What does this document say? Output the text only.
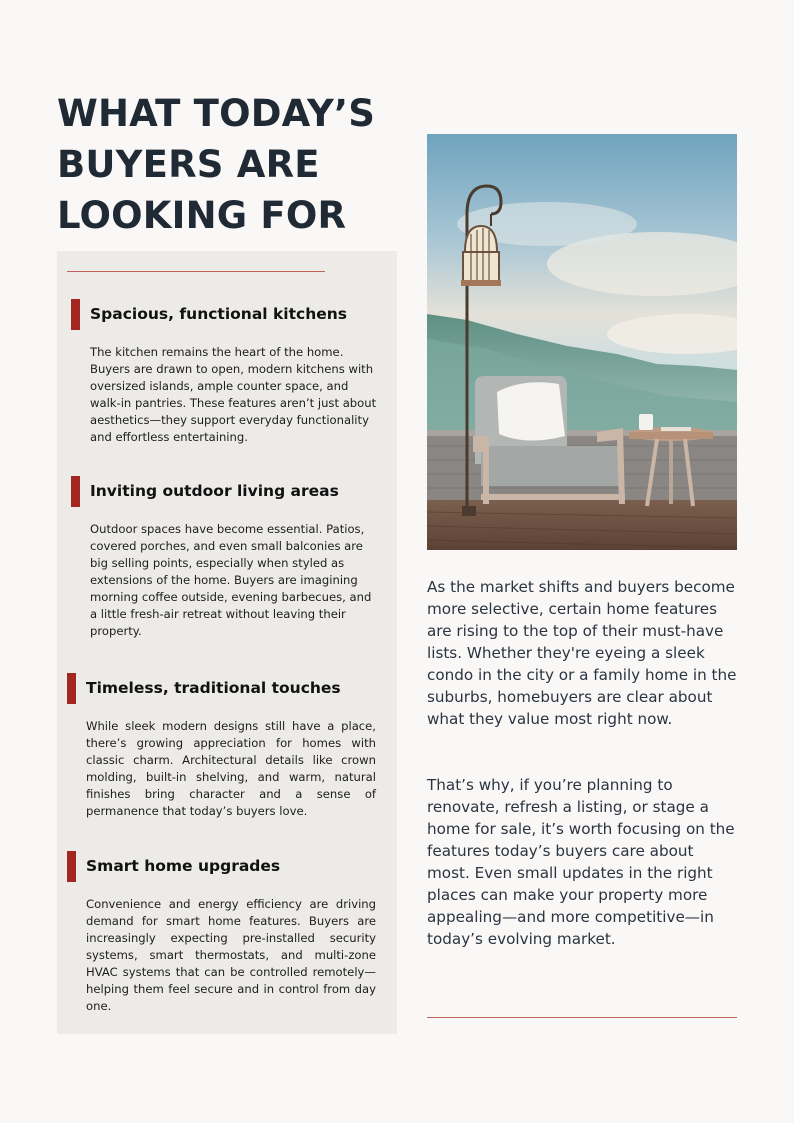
WHAT TODAY’S
BUYERS ARE
LOOKING FOR
Spacious, functional kitchens

The kitchen remains the heart of the home. Buyers are drawn to open, modern kitchens with oversized islands, ample counter space, and walk-in pantries. These features aren’t just about aesthetics—they support everyday functionality and effortless entertaining.

Inviting outdoor living areas

Outdoor spaces have become essential. Patios, covered porches, and even small balconies are big selling points, especially when styled as extensions of the home. Buyers are imagining morning coffee outside, evening barbecues, and a little fresh-air retreat without leaving their property.

Timeless, traditional touches

While sleek modern designs still have a place, there’s growing appreciation for homes with classic charm. Architectural details like crown molding, built-in shelving, and warm, natural finishes bring character and a sense of permanence that today’s buyers love.

Smart home upgrades

Convenience and energy efficiency are driving demand for smart home features. Buyers are increasingly expecting pre-installed security systems, smart thermostats, and multi-zone HVAC systems that can be controlled remotely—helping them feel secure and in control from day one.

As the market shifts and buyers become more selective, certain home features are rising to the top of their must-have lists. Whether they're eyeing a sleek condo in the city or a family home in the suburbs, homebuyers are clear about what they value most right now.

That’s why, if you’re planning to renovate, refresh a listing, or stage a home for sale, it’s worth focusing on the features today’s buyers care about most. Even small updates in the right places can make your property more appealing—and more competitive—in today’s evolving market.
